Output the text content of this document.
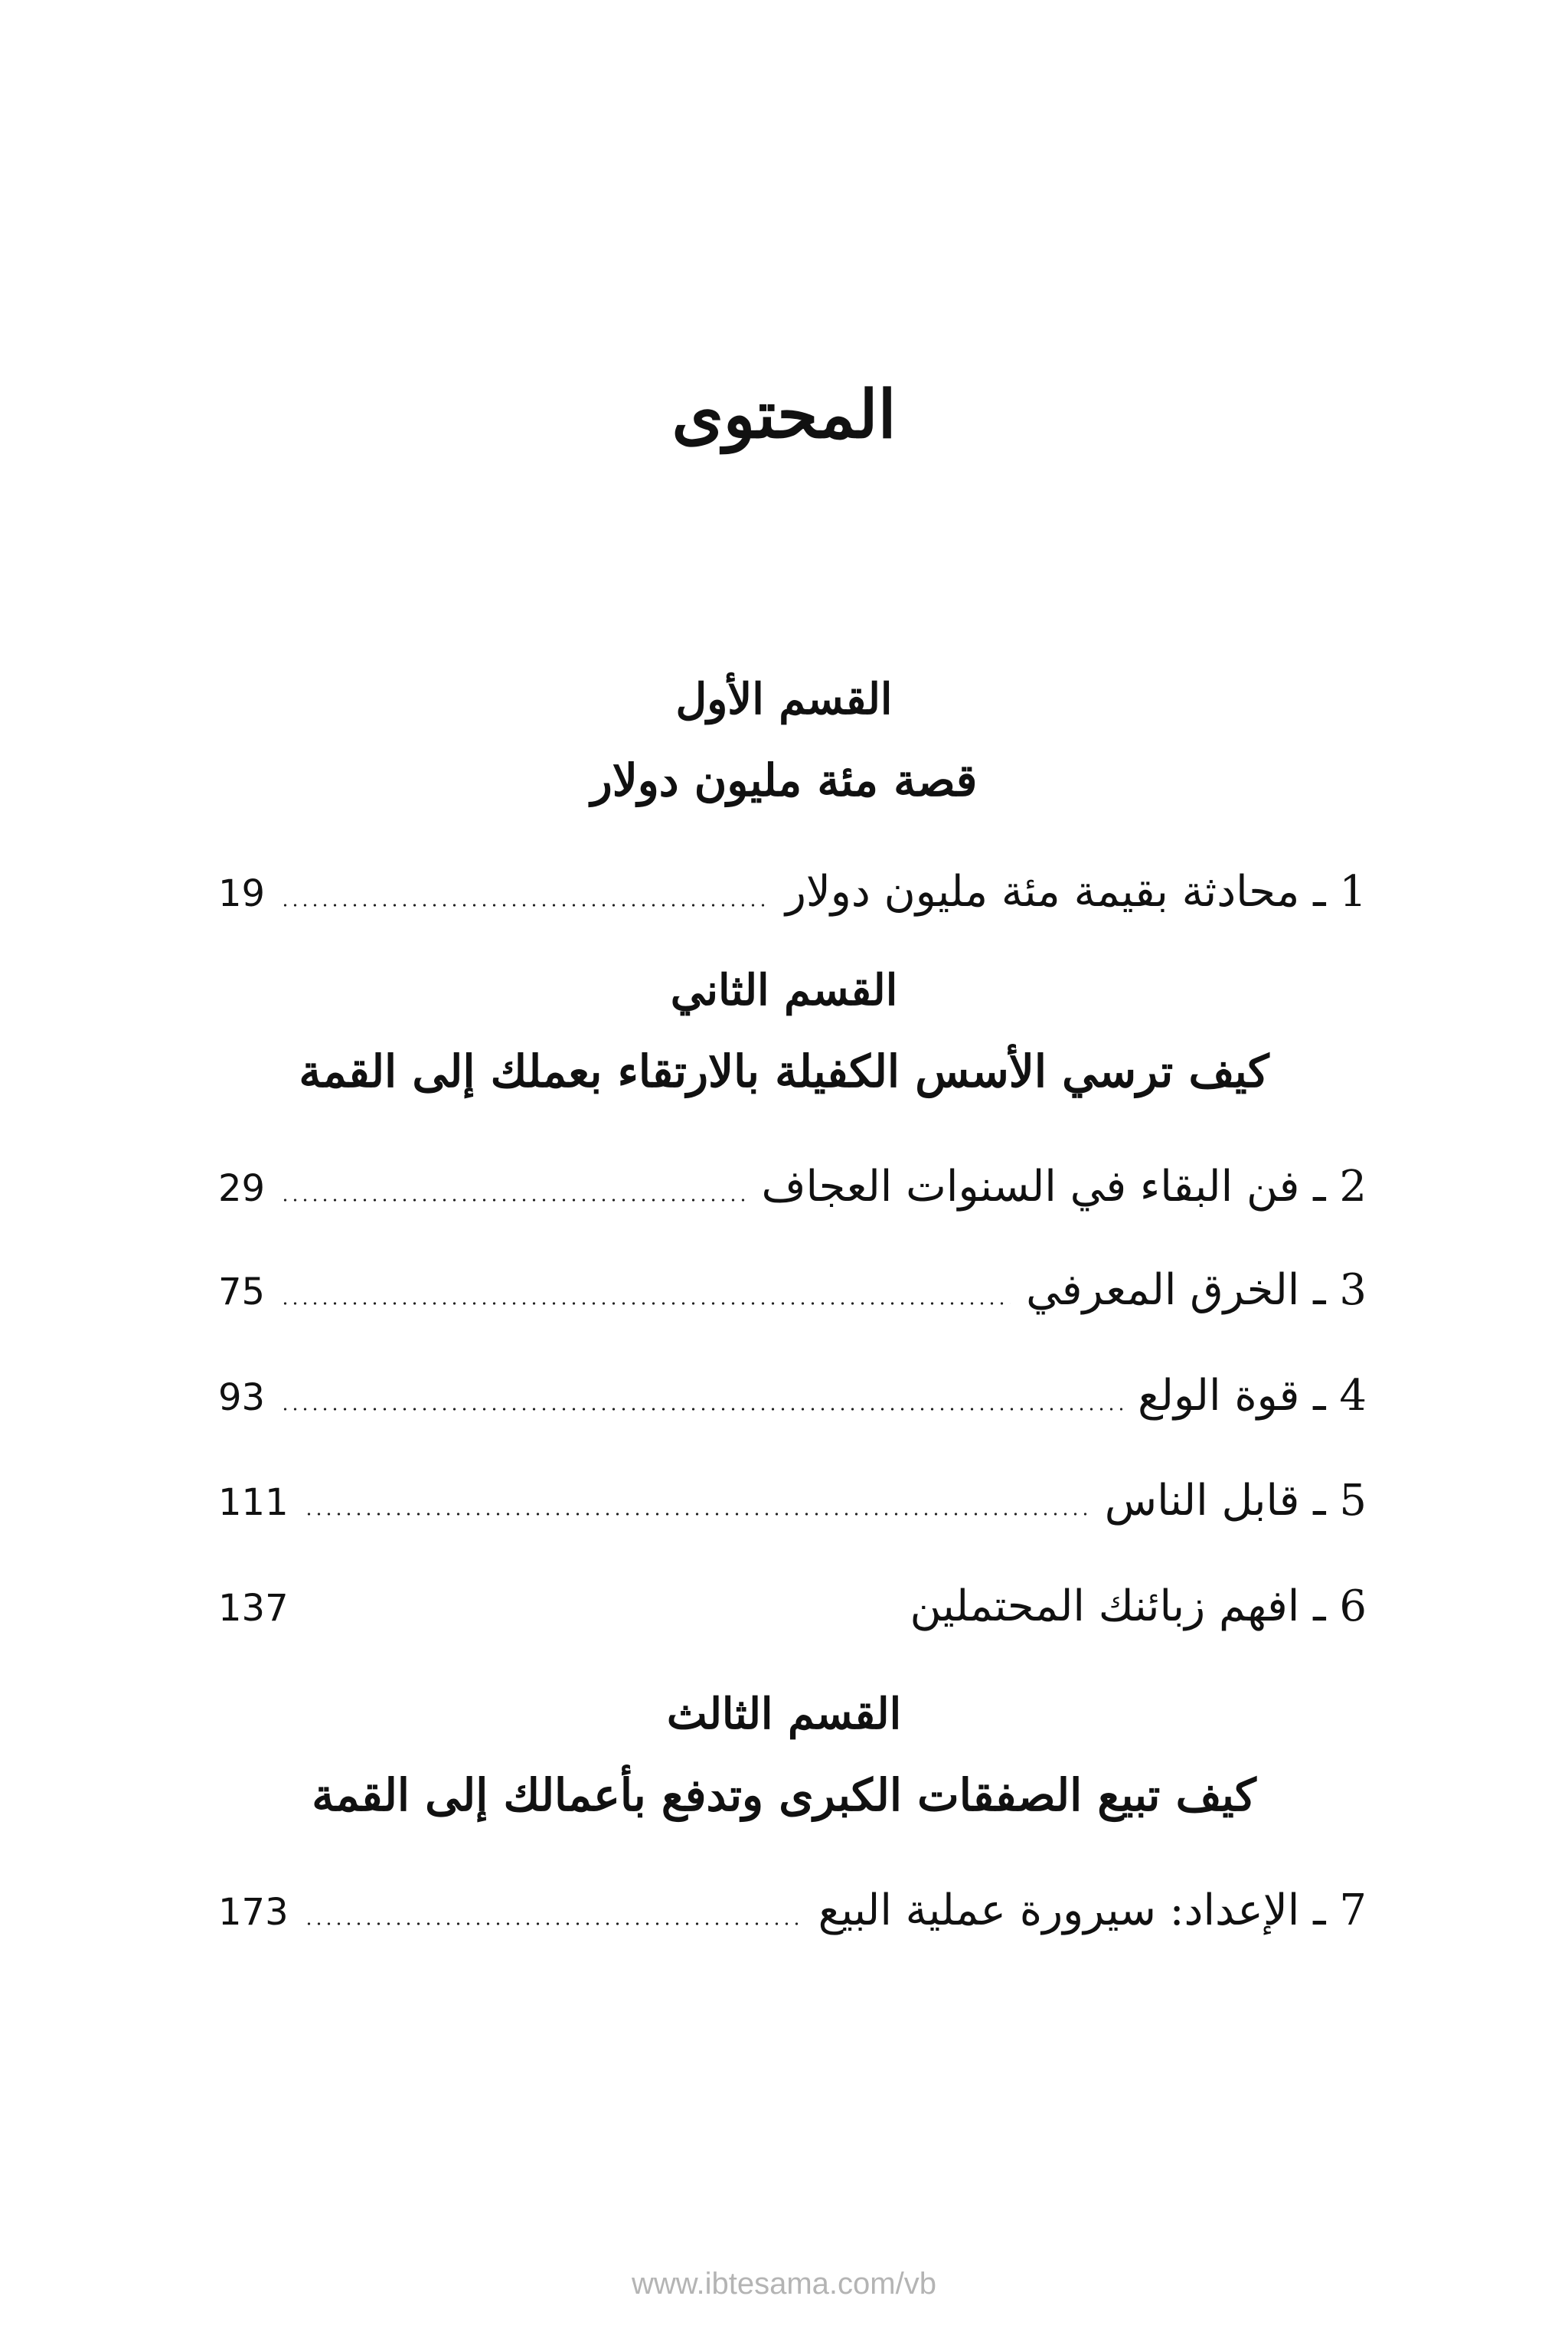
المحتوى
القسم الأول
قصة مئة مليون دولار
1 ـ محادثة بقيمة مئة مليون دولار
19
القسم الثاني
كيف ترسي الأسس الكفيلة بالارتقاء بعملك إلى القمة
2 ـ فن البقاء في السنوات العجاف
29
3 ـ الخرق المعرفي
75
4 ـ قوة الولع
93
5 ـ قابل الناس
111
6 ـ افهم زبائنك المحتملين
137
القسم الثالث
كيف تبيع الصفقات الكبرى وتدفع بأعمالك إلى القمة
7 ـ الإعداد: سيرورة عملية البيع
173
www.ibtesama.com/vb
